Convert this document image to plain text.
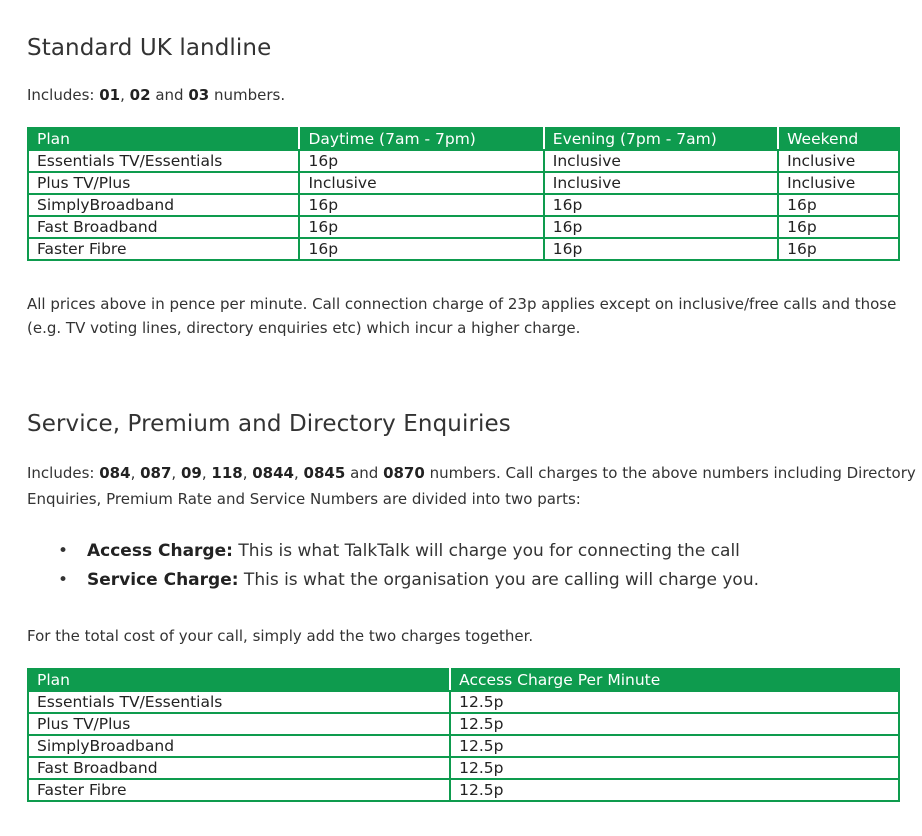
Standard UK landline

Includes: 01, 02 and 03 numbers.

Plan	Daytime (7am - 7pm)	Evening (7pm - 7am)	Weekend
Essentials TV/Essentials	16p	Inclusive	Inclusive
Plus TV/Plus	Inclusive	Inclusive	Inclusive
SimplyBroadband	16p	16p	16p
Fast Broadband	16p	16p	16p
Faster Fibre	16p	16p	16p

All prices above in pence per minute. Call connection charge of 23p applies except on inclusive/free calls and those
(e.g. TV voting lines, directory enquiries etc) which incur a higher charge.

Service, Premium and Directory Enquiries

Includes: 084, 087, 09, 118, 0844, 0845 and 0870 numbers. Call charges to the above numbers including Directory
Enquiries, Premium Rate and Service Numbers are divided into two parts:

• Access Charge: This is what TalkTalk will charge you for connecting the call
• Service Charge: This is what the organisation you are calling will charge you.

For the total cost of your call, simply add the two charges together.

Plan	Access Charge Per Minute
Essentials TV/Essentials	12.5p
Plus TV/Plus	12.5p
SimplyBroadband	12.5p
Fast Broadband	12.5p
Faster Fibre	12.5p
